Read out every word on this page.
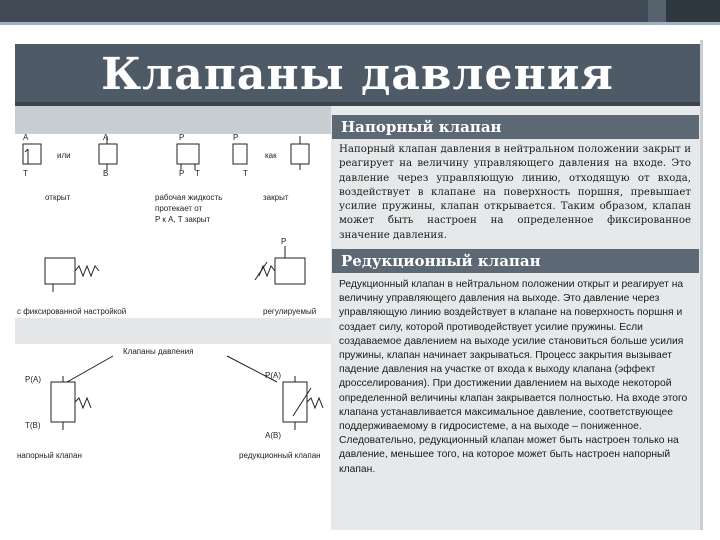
Клапаны давления
A	A	P	P
T	B	P T	T
или	как
открыт	рабочая жидкость
протекает от
P к A, T закрыт
закрыт
P
с фиксированной настройкой	регулируемый
Клапаны давления
P(A)
T(B)
P(A)
A(B)
напорный клапан	редукционный клапан
Напорный клапан
Напорный клапан давления в нейтральном положении закрыт и реагирует на величину управляющего давления на входе. Это давление через управляющую линию, отходящую от входа, воздействует в клапане на поверхность поршня, превышает усилие пружины, клапан открывается. Таким образом, клапан может быть настроен на определенное фиксированное значение давления.
Редукционный клапан
Редукционный клапан в нейтральном положении открыт и реагирует на величину управляющего давления на выходе. Это давление через управляющую линию воздействует в клапане на поверхность поршня и создает силу, которой противодействует усилие пружины. Если создаваемое давлением на выходе усилие становиться больше усилия пружины, клапан начинает закрываться. Процесс закрытия вызывает падение давления на участке от входа к выходу клапана (эффект дросселирования). При достижении давлением на выходе некоторой определенной величины клапан закрывается полностью. На входе этого клапана устанавливается максимальное давление, соответствующее поддерживаемому в гидросистеме, а на выходе – пониженное. Следовательно, редукционный клапан может быть настроен только на давление, меньшее того, на которое может быть настроен напорный клапан.
